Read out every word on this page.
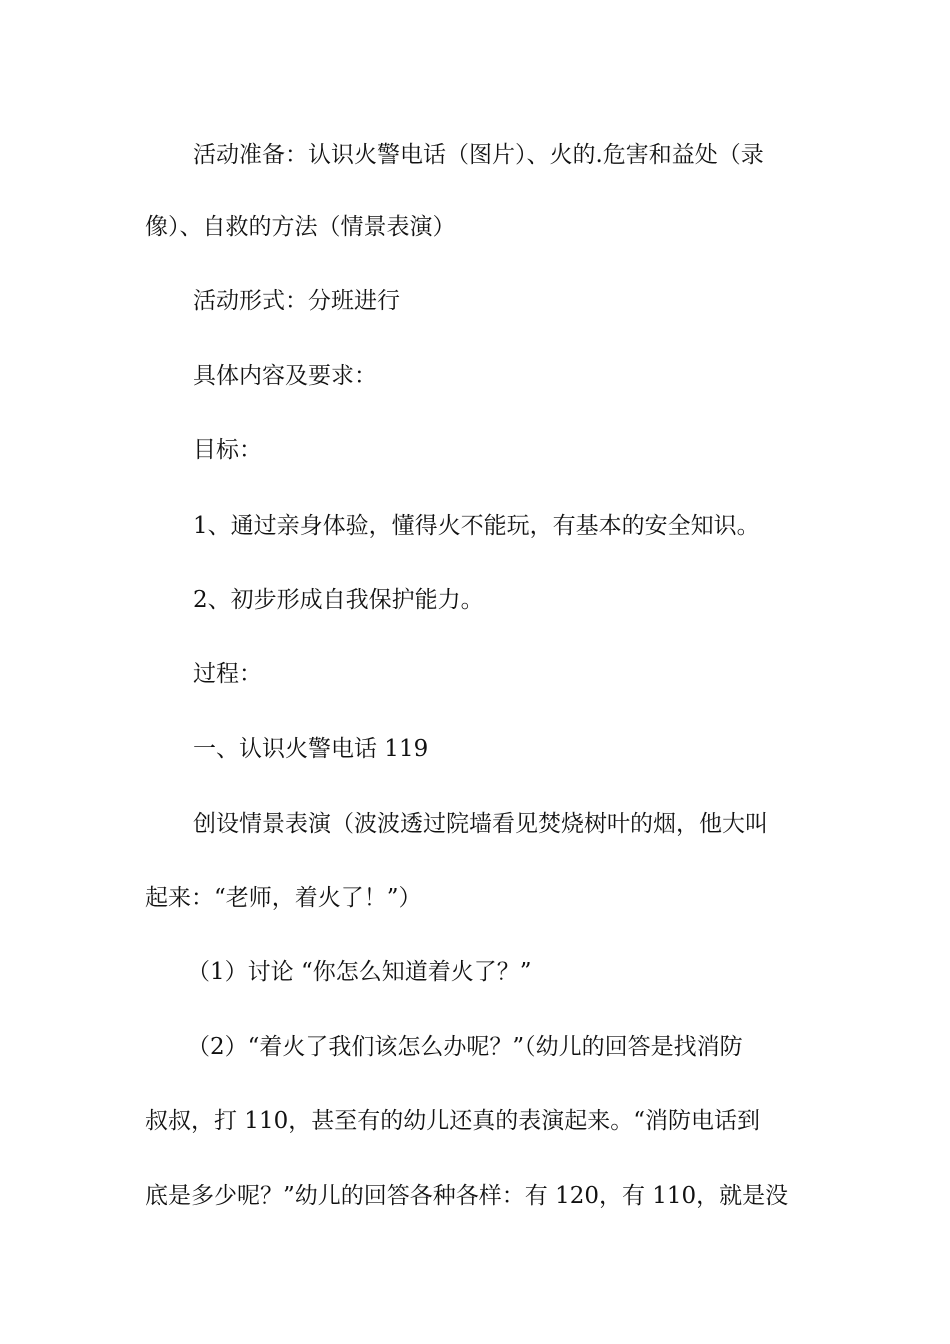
活动准备：认识火警电话（图片）、火的.危害和益处（录
像）、自救的方法（情景表演）
活动形式：分班进行
具体内容及要求：
目标：
1、通过亲身体验，懂得火不能玩，有基本的安全知识。
2、初步形成自我保护能力。
过程：
一、认识火警电话 119
创设情景表演（波波透过院墙看见焚烧树叶的烟，他大叫
起来：“老师，着火了！”）
（1）讨论 “你怎么知道着火了？”
（2）“着火了我们该怎么办呢？”（幼儿的回答是找消防
叔叔，打 110，甚至有的幼儿还真的表演起来。“消防电话到
底是多少呢？”幼儿的回答各种各样：有 120，有 110，就是没
